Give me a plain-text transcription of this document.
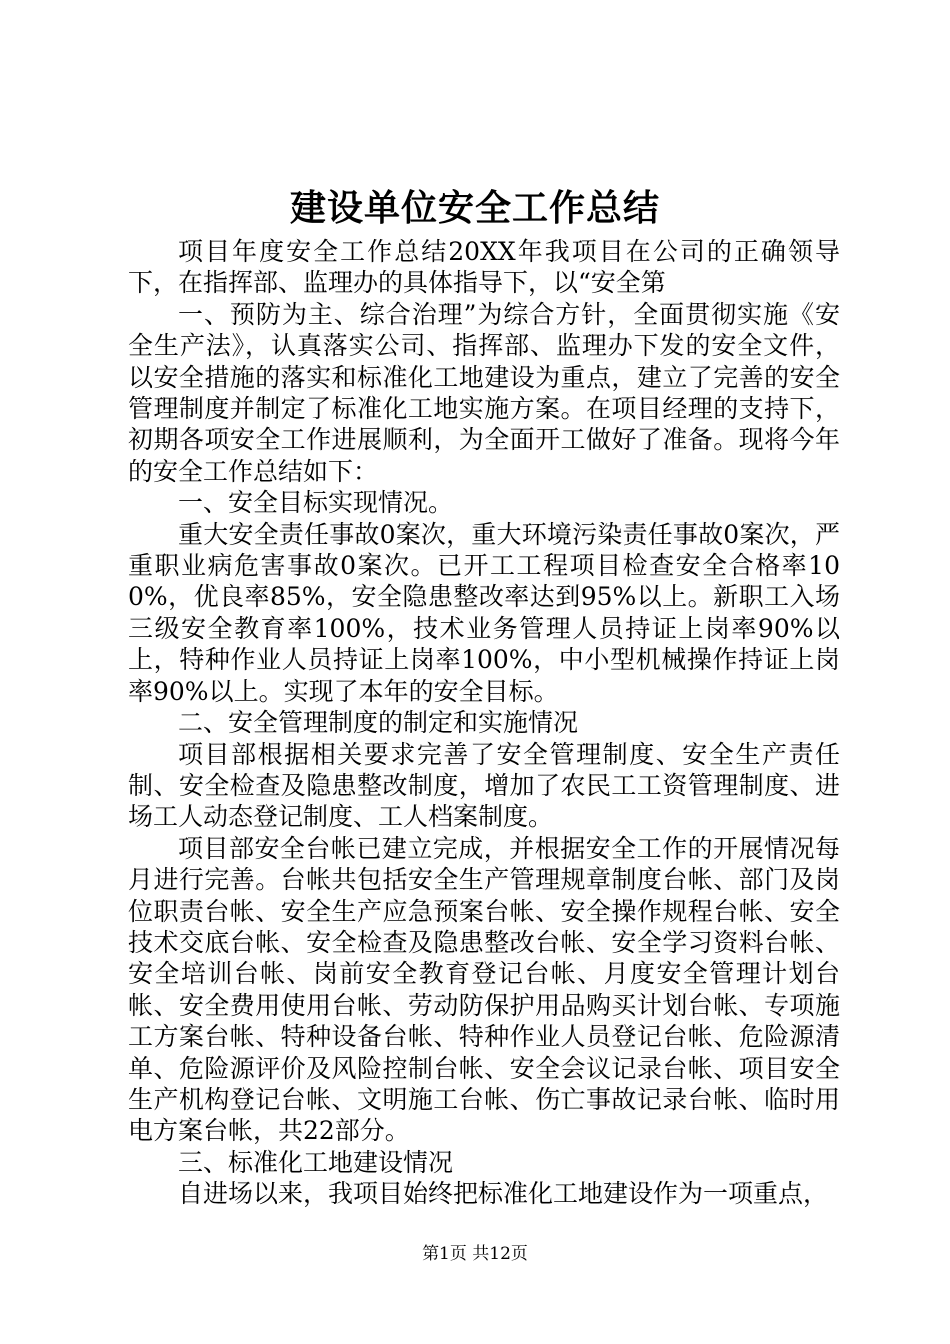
建设单位安全工作总结

项目年度安全工作总结20XX年我项目在公司的正确领导下，在指挥部、监理办的具体指导下，以“安全第

一、预防为主、综合治理”为综合方针，全面贯彻实施《安全生产法》，认真落实公司、指挥部、监理办下发的安全文件，以安全措施的落实和标准化工地建设为重点，建立了完善的安全管理制度并制定了标准化工地实施方案。在项目经理的支持下，初期各项安全工作进展顺利，为全面开工做好了准备。现将今年的安全工作总结如下：

一、安全目标实现情况。

重大安全责任事故0案次，重大环境污染责任事故0案次，严重职业病危害事故0案次。已开工工程项目检查安全合格率100%，优良率85%，安全隐患整改率达到95%以上。新职工入场三级安全教育率100%，技术业务管理人员持证上岗率90%以上，特种作业人员持证上岗率100%，中小型机械操作持证上岗率90%以上。实现了本年的安全目标。

二、安全管理制度的制定和实施情况

项目部根据相关要求完善了安全管理制度、安全生产责任制、安全检查及隐患整改制度，增加了农民工工资管理制度、进场工人动态登记制度、工人档案制度。

项目部安全台帐已建立完成，并根据安全工作的开展情况每月进行完善。台帐共包括安全生产管理规章制度台帐、部门及岗位职责台帐、安全生产应急预案台帐、安全操作规程台帐、安全技术交底台帐、安全检查及隐患整改台帐、安全学习资料台帐、安全培训台帐、岗前安全教育登记台帐、月度安全管理计划台帐、安全费用使用台帐、劳动防保护用品购买计划台帐、专项施工方案台帐、特种设备台帐、特种作业人员登记台帐、危险源清单、危险源评价及风险控制台帐、安全会议记录台帐、项目安全生产机构登记台帐、文明施工台帐、伤亡事故记录台帐、临时用电方案台帐，共22部分。

三、标准化工地建设情况

自进场以来，我项目始终把标准化工地建设作为一项重点，

第1页 共12页
